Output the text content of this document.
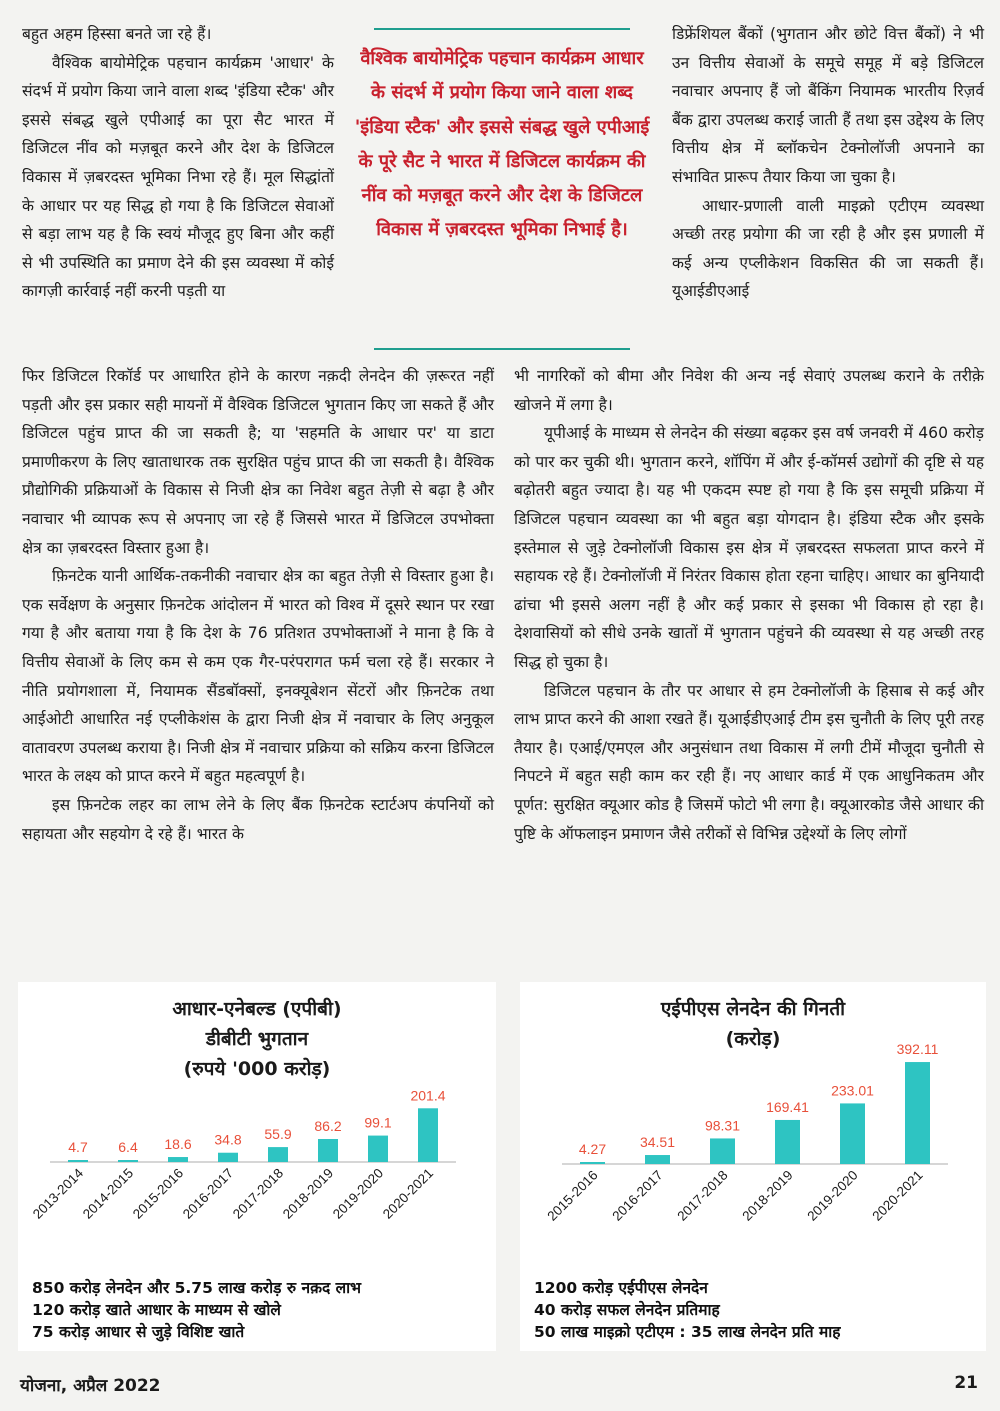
बहुत अहम हिस्सा बनते जा रहे हैं।

वैश्विक बायोमेट्रिक पहचान कार्यक्रम 'आधार' के संदर्भ में प्रयोग किया जाने वाला शब्द 'इंडिया स्टैक' और इससे संबद्ध खुले एपीआई का पूरा सैट भारत में डिजिटल नींव को मज़बूत करने और देश के डिजिटल विकास में ज़बरदस्त भूमिका निभा रहे हैं। मूल सिद्धांतों के आधार पर यह सिद्ध हो गया है कि डिजिटल सेवाओं से बड़ा लाभ यह है कि स्वयं मौजूद हुए बिना और कहीं से भी उपस्थिति का प्रमाण देने की इस व्यवस्था में कोई कागज़ी कार्रवाई नहीं करनी पड़ती या

वैश्विक बायोमेट्रिक पहचान कार्यक्रम आधार के संदर्भ में प्रयोग किया जाने वाला शब्द 'इंडिया स्टैक' और इससे संबद्ध खुले एपीआई के पूरे सैट ने भारत में डिजिटल कार्यक्रम की नींव को मज़बूत करने और देश के डिजिटल विकास में ज़बरदस्त भूमिका निभाई है।

डिफ्रेंशियल बैंकों (भुगतान और छोटे वित्त बैंकों) ने भी उन वित्तीय सेवाओं के समूचे समूह में बड़े डिजिटल नवाचार अपनाए हैं जो बैंकिंग नियामक भारतीय रिज़र्व बैंक द्वारा उपलब्ध कराई जाती हैं तथा इस उद्देश्य के लिए वित्तीय क्षेत्र में ब्लॉकचेन टेक्नोलॉजी अपनाने का संभावित प्रारूप तैयार किया जा चुका है।

आधार-प्रणाली वाली माइक्रो एटीएम व्यवस्था अच्छी तरह प्रयोगा की जा रही है और इस प्रणाली में कई अन्य एप्लीकेशन विकसित की जा सकती हैं। यूआईडीएआई

फिर डिजिटल रिकॉर्ड पर आधारित होने के कारण नक़दी लेनदेन की ज़रूरत नहीं पड़ती और इस प्रकार सही मायनों में वैश्विक डिजिटल भुगतान किए जा सकते हैं और डिजिटल पहुंच प्राप्त की जा सकती है; या 'सहमति के आधार पर' या डाटा प्रमाणीकरण के लिए खाताधारक तक सुरक्षित पहुंच प्राप्त की जा सकती है। वैश्विक प्रौद्योगिकी प्रक्रियाओं के विकास से निजी क्षेत्र का निवेश बहुत तेज़ी से बढ़ा है और नवाचार भी व्यापक रूप से अपनाए जा रहे हैं जिससे भारत में डिजिटल उपभोक्ता क्षेत्र का ज़बरदस्त विस्तार हुआ है।

फ़िनटेक यानी आर्थिक-तकनीकी नवाचार क्षेत्र का बहुत तेज़ी से विस्तार हुआ है। एक सर्वेक्षण के अनुसार फ़िनटेक आंदोलन में भारत को विश्व में दूसरे स्थान पर रखा गया है और बताया गया है कि देश के 76 प्रतिशत उपभोक्ताओं ने माना है कि वे वित्तीय सेवाओं के लिए कम से कम एक गैर-परंपरागत फर्म चला रहे हैं। सरकार ने नीति प्रयोगशाला में, नियामक सैंडबॉक्सों, इनक्यूबेशन सेंटरों और फ़िनटेक तथा आईओटी आधारित नई एप्लीकेशंस के द्वारा निजी क्षेत्र में नवाचार के लिए अनुकूल वातावरण उपलब्ध कराया है। निजी क्षेत्र में नवाचार प्रक्रिया को सक्रिय करना डिजिटल भारत के लक्ष्य को प्राप्त करने में बहुत महत्वपूर्ण है।

इस फ़िनटेक लहर का लाभ लेने के लिए बैंक फ़िनटेक स्टार्टअप कंपनियों को सहायता और सहयोग दे रहे हैं। भारत के

भी नागरिकों को बीमा और निवेश की अन्य नई सेवाएं उपलब्ध कराने के तरीक़े खोजने में लगा है।

यूपीआई के माध्यम से लेनदेन की संख्या बढ़कर इस वर्ष जनवरी में 460 करोड़ को पार कर चुकी थी। भुगतान करने, शॉपिंग में और ई-कॉमर्स उद्योगों की दृष्टि से यह बढ़ोतरी बहुत ज्यादा है। यह भी एकदम स्पष्ट हो गया है कि इस समूची प्रक्रिया में डिजिटल पहचान व्यवस्था का भी बहुत बड़ा योगदान है। इंडिया स्टैक और इसके इस्तेमाल से जुड़े टेक्नोलॉजी विकास इस क्षेत्र में ज़बरदस्त सफलता प्राप्त करने में सहायक रहे हैं। टेक्नोलॉजी में निरंतर विकास होता रहना चाहिए। आधार का बुनियादी ढांचा भी इससे अलग नहीं है और कई प्रकार से इसका भी विकास हो रहा है। देशवासियों को सीधे उनके खातों में भुगतान पहुंचने की व्यवस्था से यह अच्छी तरह सिद्ध हो चुका है।

डिजिटल पहचान के तौर पर आधार से हम टेक्नोलॉजी के हिसाब से कई और लाभ प्राप्त करने की आशा रखते हैं। यूआईडीएआई टीम इस चुनौती के लिए पूरी तरह तैयार है। एआई/एमएल और अनुसंधान तथा विकास में लगी टीमें मौजूदा चुनौती से निपटने में बहुत सही काम कर रही हैं। नए आधार कार्ड में एक आधुनिकतम और पूर्णत: सुरक्षित क्यूआर कोड है जिसमें फोटो भी लगा है। क्यूआरकोड जैसे आधार की पुष्टि के ऑफलाइन प्रमाणन जैसे तरीकों से विभिन्न उद्देश्यों के लिए लोगों

आधार-एनेबल्ड (एपीबी)
डीबीटी भुगतान
(रुपये '000 करोड़)
4.7
2013-2014
6.4
2014-2015
18.6
2015-2016
34.8
2016-2017
55.9
2017-2018
86.2
2018-2019
99.1
2019-2020
201.4
2020-2021
850 करोड़ लेनदेन और 5.75 लाख करोड़ रु नक़द लाभ
120 करोड़ खाते आधार के माध्यम से खोले
75 करोड़ आधार से जुड़े विशिष्ट खाते
एईपीएस लेनदेन की गिनती
(करोड़)
4.27
2015-2016
34.51
2016-2017
98.31
2017-2018
169.41
2018-2019
233.01
2019-2020
392.11
2020-2021
1200 करोड़ एईपीएस लेनदेन
40 करोड़ सफल लेनदेन प्रतिमाह
50 लाख माइक्रो एटीएम : 35 लाख लेनदेन प्रति माह
योजना, अप्रैल 2022	21
